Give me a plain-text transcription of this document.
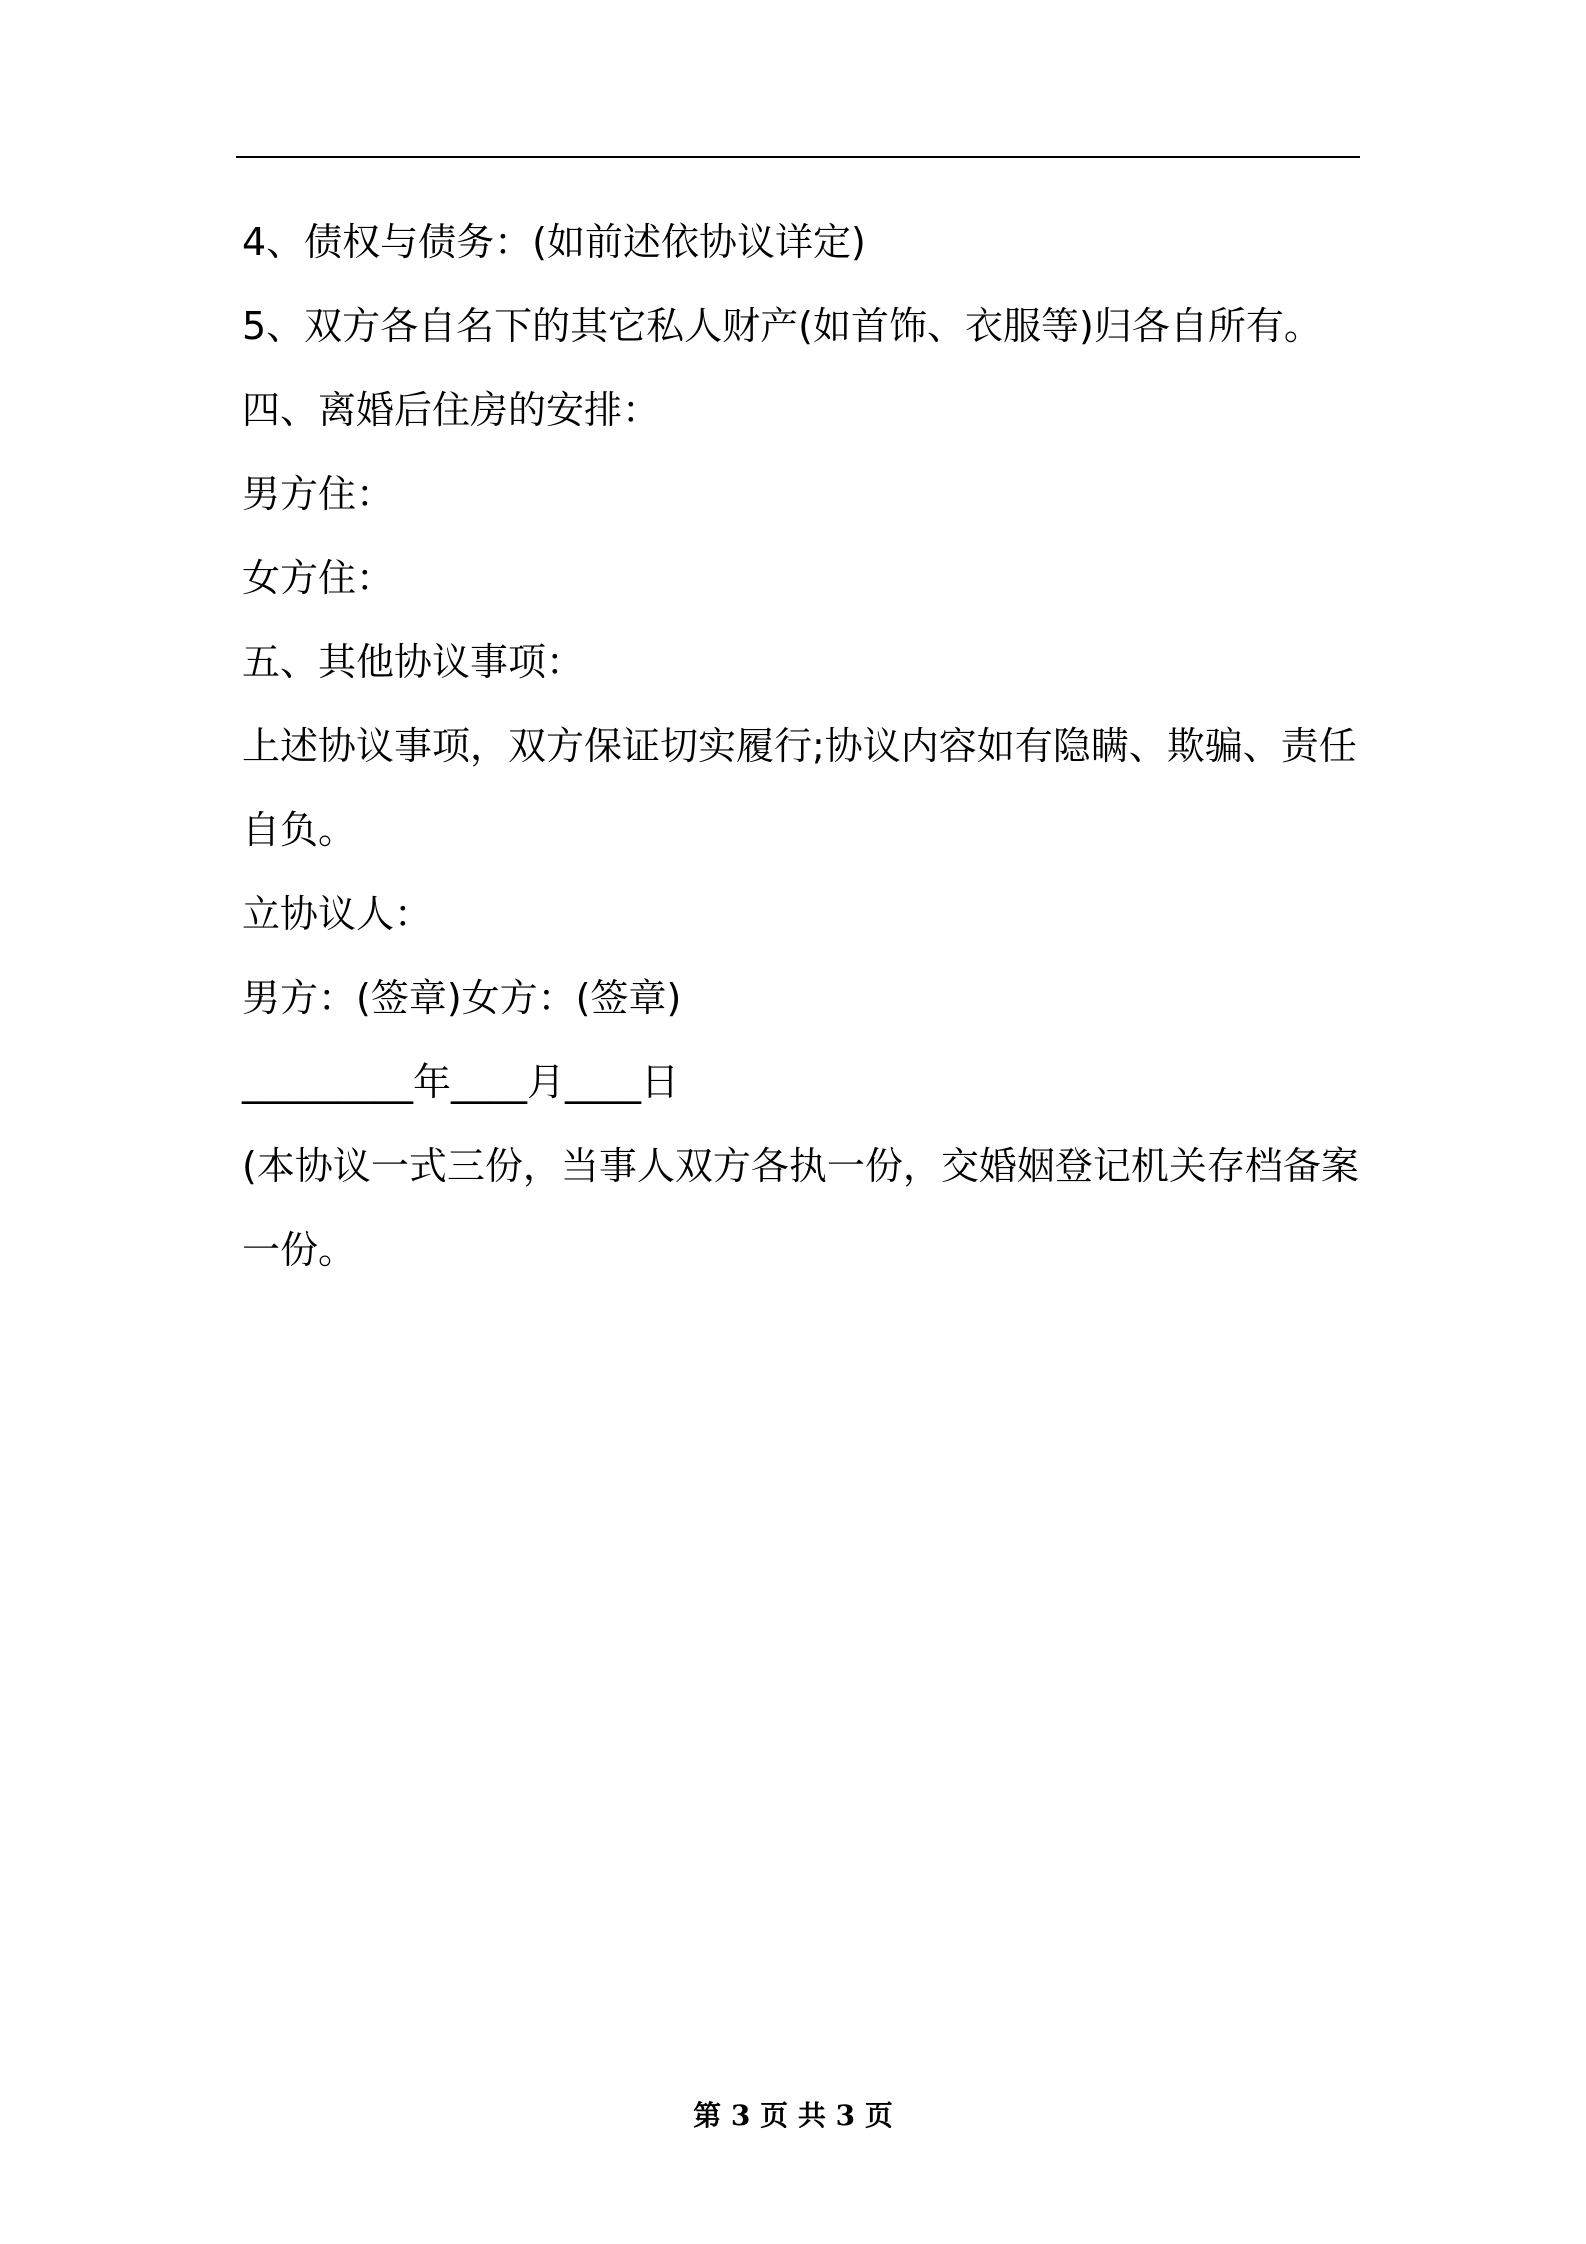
4、债权与债务：(如前述依协议详定)
5、双方各自名下的其它私人财产(如首饰、衣服等)归各自所有。
四、离婚后住房的安排：
男方住：
女方住：
五、其他协议事项：
上述协议事项，双方保证切实履行;协议内容如有隐瞒、欺骗、责任自负。
立协议人：
男方：(签章)女方：(签章)
_________年____月____日
(本协议一式三份，当事人双方各执一份，交婚姻登记机关存档备案一份。
第 3 页 共 3 页
